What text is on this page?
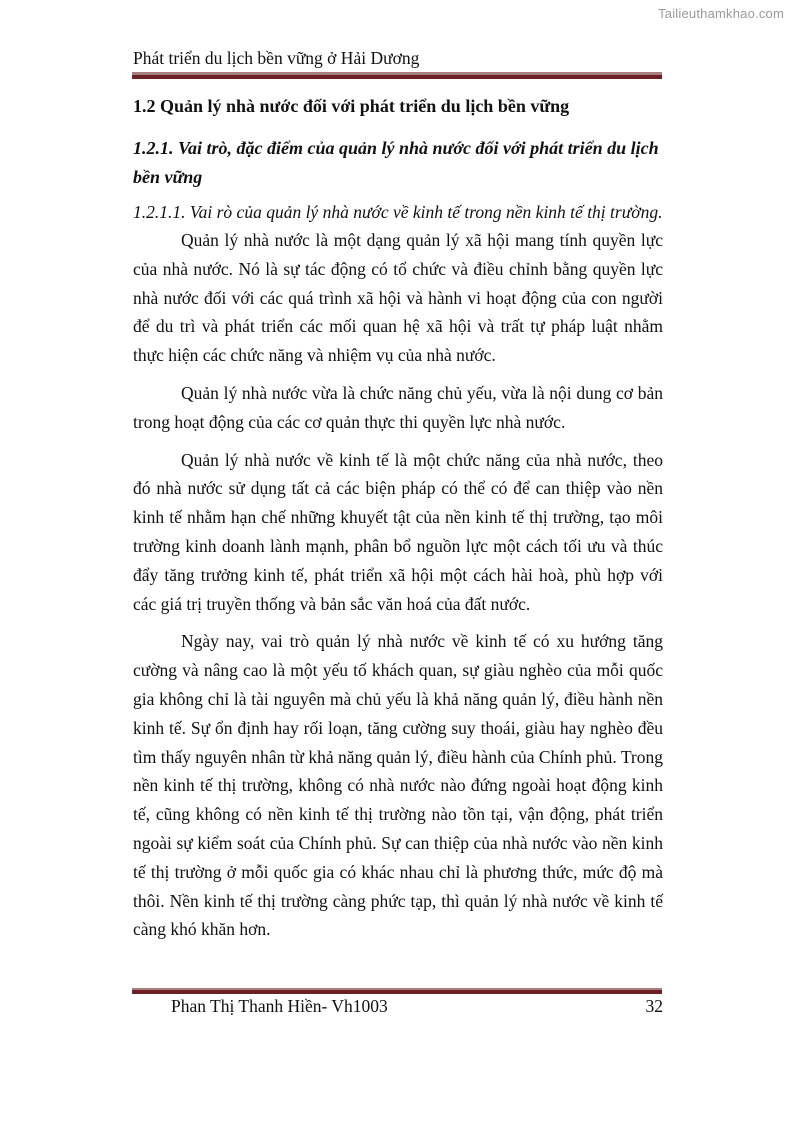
Tailieuthamkhao.com
Phát triển du lịch bền vững ở Hải Dương
1.2 Quản lý nhà nước đối với phát triển du lịch bền vững
1.2.1. Vai trò, đặc điểm của quản lý nhà nước đối với phát triển du lịch bền vững
1.2.1.1. Vai rò của quản lý nhà nước về kinh tế trong nền kinh tế thị trường.

Quản lý nhà nước là một dạng quản lý xã hội mang tính quyền lực của nhà nước. Nó là sự tác động có tổ chức và điều chỉnh bằng quyền lực nhà nước đối với các quá trình xã hội và hành vi hoạt động của con người để du trì và phát triển các mối quan hệ xã hội và trất tự pháp luật nhằm thực hiện các chức năng và nhiệm vụ của nhà nước.

Quản lý nhà nước vừa là chức năng chủ yếu, vừa là nội dung cơ bản trong hoạt động của các cơ quản thực thi quyền lực nhà nước.

Quản lý nhà nước về kinh tế là một chức năng của nhà nước, theo đó nhà nước sử dụng tất cả các biện pháp có thể có để can thiệp vào nền kinh tế nhằm hạn chế những khuyết tật của nền kinh tế thị trường, tạo môi trường kinh doanh lành mạnh, phân bổ nguồn lực một cách tối ưu và thúc đẩy tăng trưởng kinh tế, phát triển xã hội một cách hài hoà, phù hợp với các giá trị truyền thống và bản sắc văn hoá của đất nước.

Ngày nay, vai trò quản lý nhà nước về kinh tế có xu hướng tăng cường và nâng cao là một yếu tố khách quan, sự giàu nghèo của mỗi quốc gia không chỉ là tài nguyên mà chủ yếu là khả năng quản lý, điều hành nền kinh tế. Sự ổn định hay rối loạn, tăng cường suy thoái, giàu hay nghèo đều tìm thấy nguyên nhân từ khả năng quản lý, điều hành của Chính phủ. Trong nền kinh tế thị trường, không có nhà nước nào đứng ngoài hoạt động kinh tế, cũng không có nền kinh tế thị trường nào tồn tại, vận động, phát triển ngoài sự kiểm soát của Chính phủ. Sự can thiệp của nhà nước vào nền kinh tế thị trường ở mỗi quốc gia có khác nhau chỉ là phương thức, mức độ mà thôi. Nền kinh tế thị trường càng phức tạp, thì quản lý nhà nước về kinh tế càng khó khăn hơn.

Phan Thị Thanh Hiền- Vh1003	32
